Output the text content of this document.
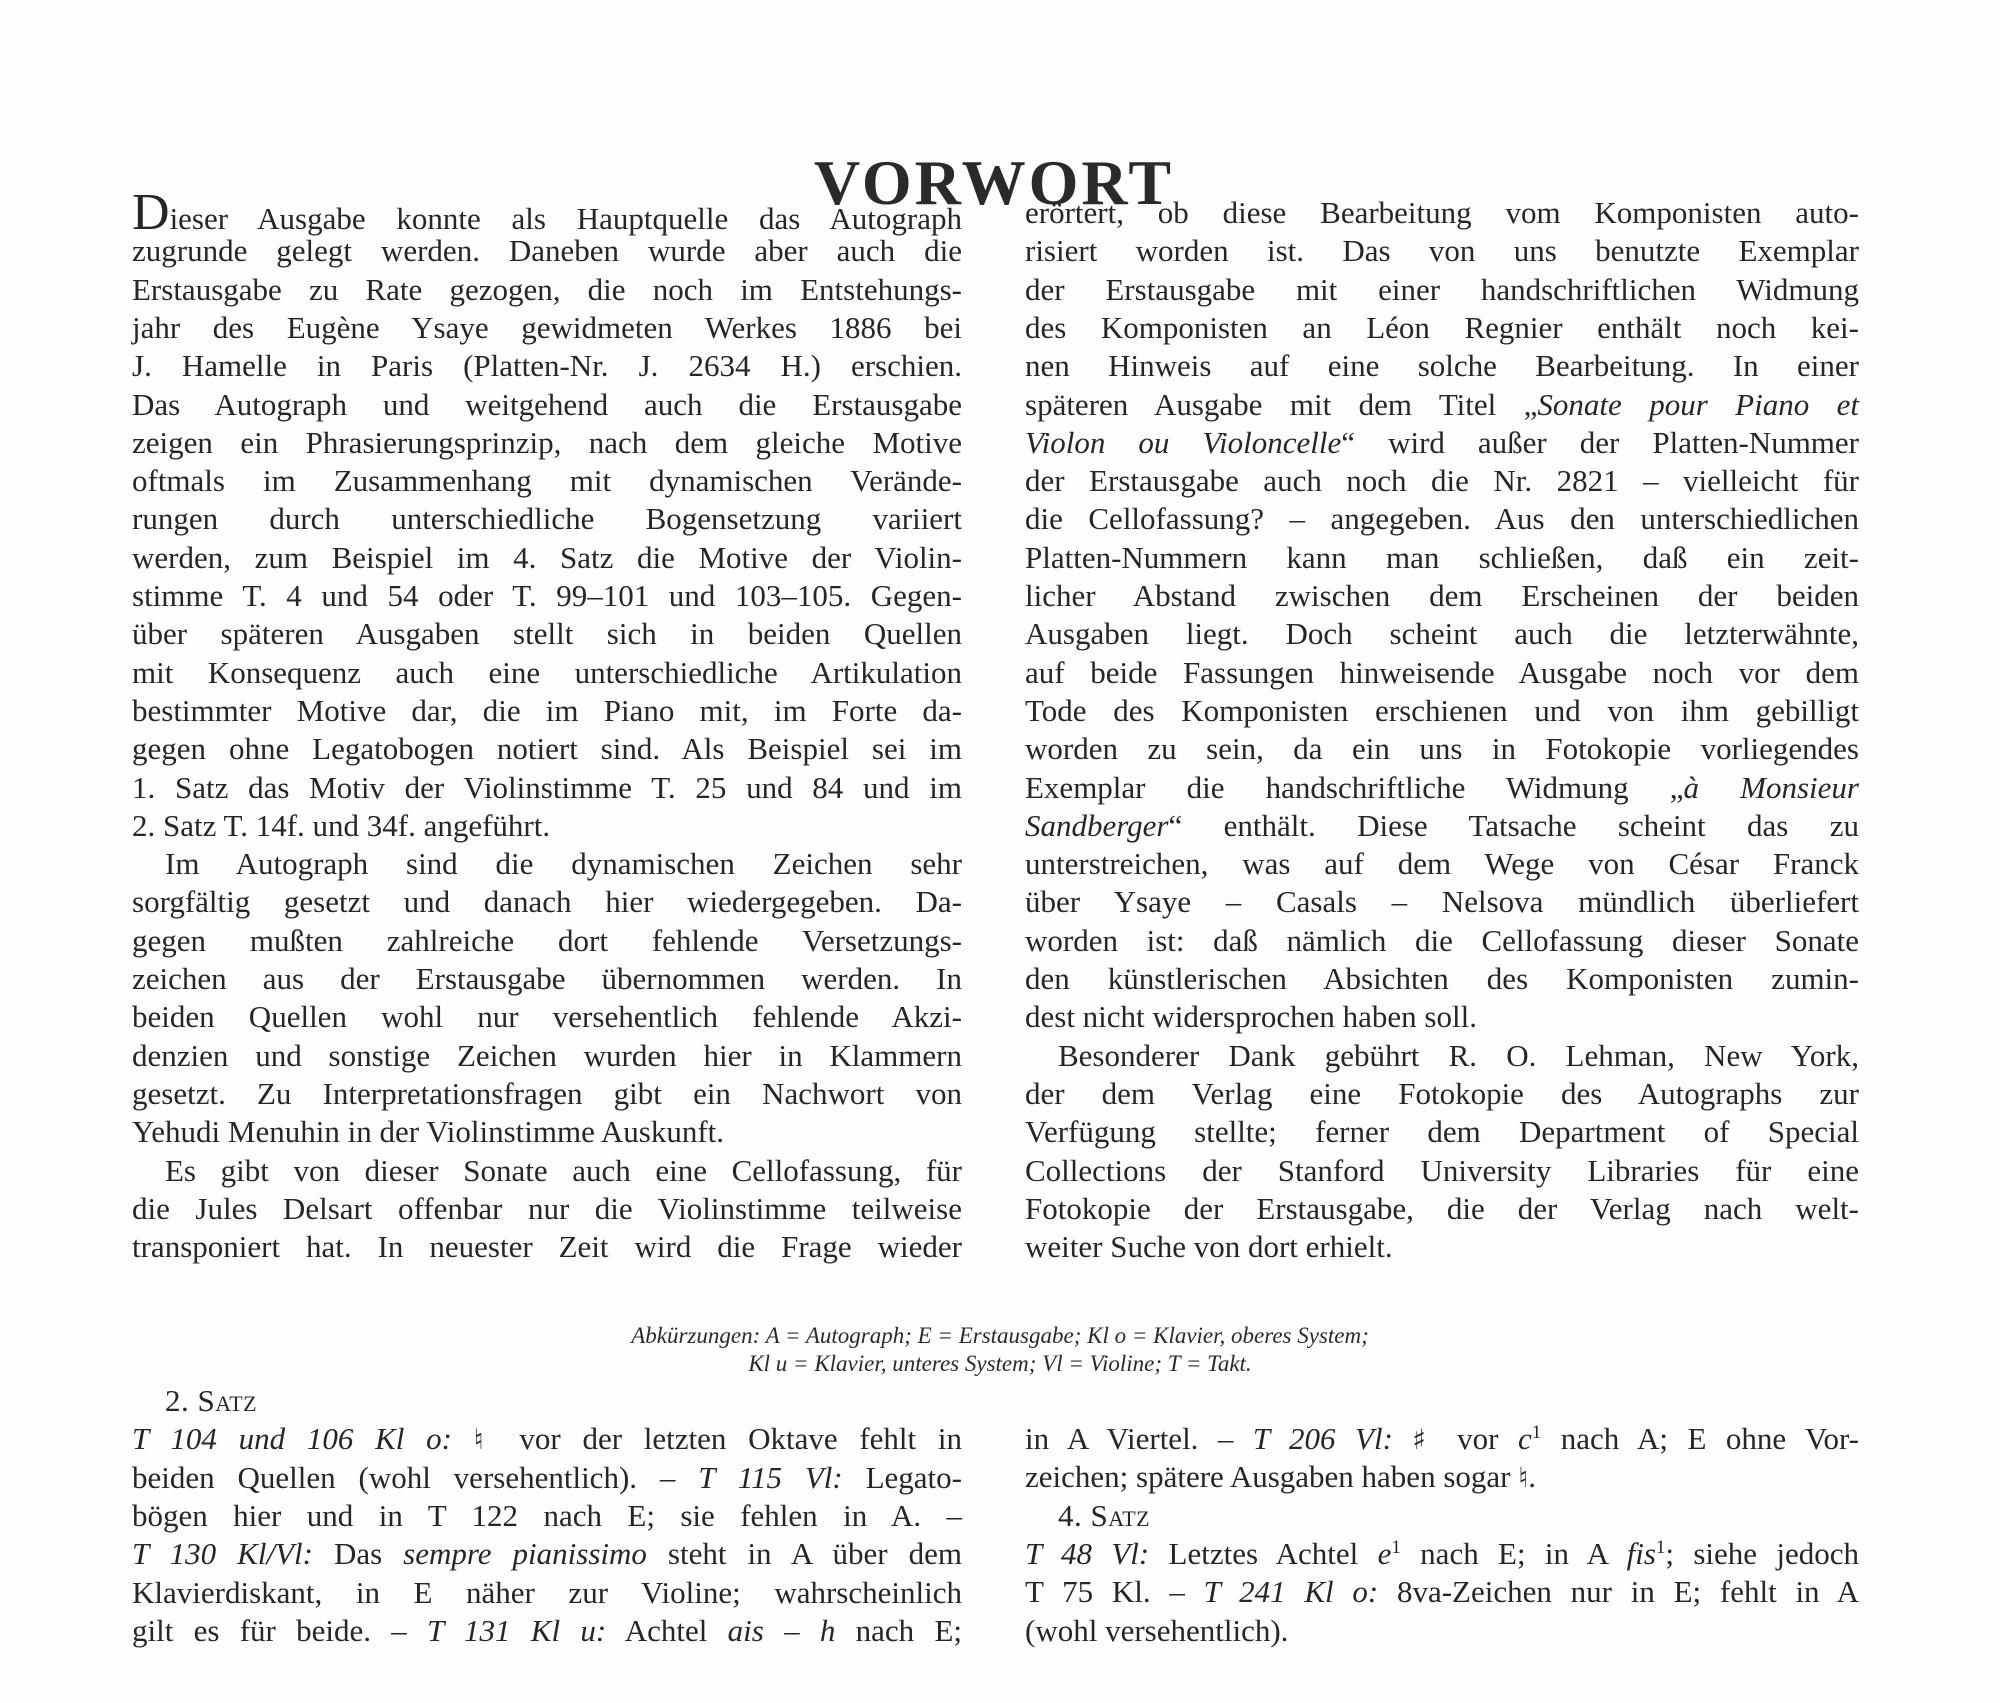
VORWORT
Dieser Ausgabe konnte als Hauptquelle das Autograph
zugrunde gelegt werden. Daneben wurde aber auch die
Erstausgabe zu Rate gezogen, die noch im Entstehungs-
jahr des Eugène Ysaye gewidmeten Werkes 1886 bei
J. Hamelle in Paris (Platten-Nr. J. 2634 H.) erschien.
Das Autograph und weitgehend auch die Erstausgabe
zeigen ein Phrasierungsprinzip, nach dem gleiche Motive
oftmals im Zusammenhang mit dynamischen Verände-
rungen durch unterschiedliche Bogensetzung variiert
werden, zum Beispiel im 4. Satz die Motive der Violin-
stimme T. 4 und 54 oder T. 99–101 und 103–105. Gegen-
über späteren Ausgaben stellt sich in beiden Quellen
mit Konsequenz auch eine unterschiedliche Artikulation
bestimmter Motive dar, die im Piano mit, im Forte da-
gegen ohne Legatobogen notiert sind. Als Beispiel sei im
1. Satz das Motiv der Violinstimme T. 25 und 84 und im
2. Satz T. 14f. und 34f. angeführt.
Im Autograph sind die dynamischen Zeichen sehr
sorgfältig gesetzt und danach hier wiedergegeben. Da-
gegen mußten zahlreiche dort fehlende Versetzungs-
zeichen aus der Erstausgabe übernommen werden. In
beiden Quellen wohl nur versehentlich fehlende Akzi-
denzien und sonstige Zeichen wurden hier in Klammern
gesetzt. Zu Interpretationsfragen gibt ein Nachwort von
Yehudi Menuhin in der Violinstimme Auskunft.
Es gibt von dieser Sonate auch eine Cellofassung, für
die Jules Delsart offenbar nur die Violinstimme teilweise
transponiert hat. In neuester Zeit wird die Frage wieder
erörtert, ob diese Bearbeitung vom Komponisten auto-
risiert worden ist. Das von uns benutzte Exemplar
der Erstausgabe mit einer handschriftlichen Widmung
des Komponisten an Léon Regnier enthält noch kei-
nen Hinweis auf eine solche Bearbeitung. In einer
späteren Ausgabe mit dem Titel „Sonate pour Piano et
Violon ou Violoncelle“ wird außer der Platten-Nummer
der Erstausgabe auch noch die Nr. 2821 – vielleicht für
die Cellofassung? – angegeben. Aus den unterschiedlichen
Platten-Nummern kann man schließen, daß ein zeit-
licher Abstand zwischen dem Erscheinen der beiden
Ausgaben liegt. Doch scheint auch die letzterwähnte,
auf beide Fassungen hinweisende Ausgabe noch vor dem
Tode des Komponisten erschienen und von ihm gebilligt
worden zu sein, da ein uns in Fotokopie vorliegendes
Exemplar die handschriftliche Widmung „à Monsieur
Sandberger“ enthält. Diese Tatsache scheint das zu
unterstreichen, was auf dem Wege von César Franck
über Ysaye – Casals – Nelsova mündlich überliefert
worden ist: daß nämlich die Cellofassung dieser Sonate
den künstlerischen Absichten des Komponisten zumin-
dest nicht widersprochen haben soll.
Besonderer Dank gebührt R. O. Lehman, New York,
der dem Verlag eine Fotokopie des Autographs zur
Verfügung stellte; ferner dem Department of Special
Collections der Stanford University Libraries für eine
Fotokopie der Erstausgabe, die der Verlag nach welt-
weiter Suche von dort erhielt.
Abkürzungen: A = Autograph; E = Erstausgabe; Kl o = Klavier, oberes System;
Kl u = Klavier, unteres System; Vl = Violine; T = Takt.
2. Satz
T 104 und 106 Kl o: ♮ vor der letzten Oktave fehlt in
beiden Quellen (wohl versehentlich). – T 115 Vl: Legato-
bögen hier und in T 122 nach E; sie fehlen in A. –
T 130 Kl/Vl: Das sempre pianissimo steht in A über dem
Klavierdiskant, in E näher zur Violine; wahrscheinlich
gilt es für beide. – T 131 Kl u: Achtel ais – h nach E;
in A Viertel. – T 206 Vl: ♯ vor $c^1$ nach A; E ohne Vor-
zeichen; spätere Ausgaben haben sogar ♮.
4. Satz
T 48 Vl: Letztes Achtel $e^1$ nach E; in A fis$^1$; siehe jedoch
T 75 Kl. – T 241 Kl o: 8va-Zeichen nur in E; fehlt in A
(wohl versehentlich).
